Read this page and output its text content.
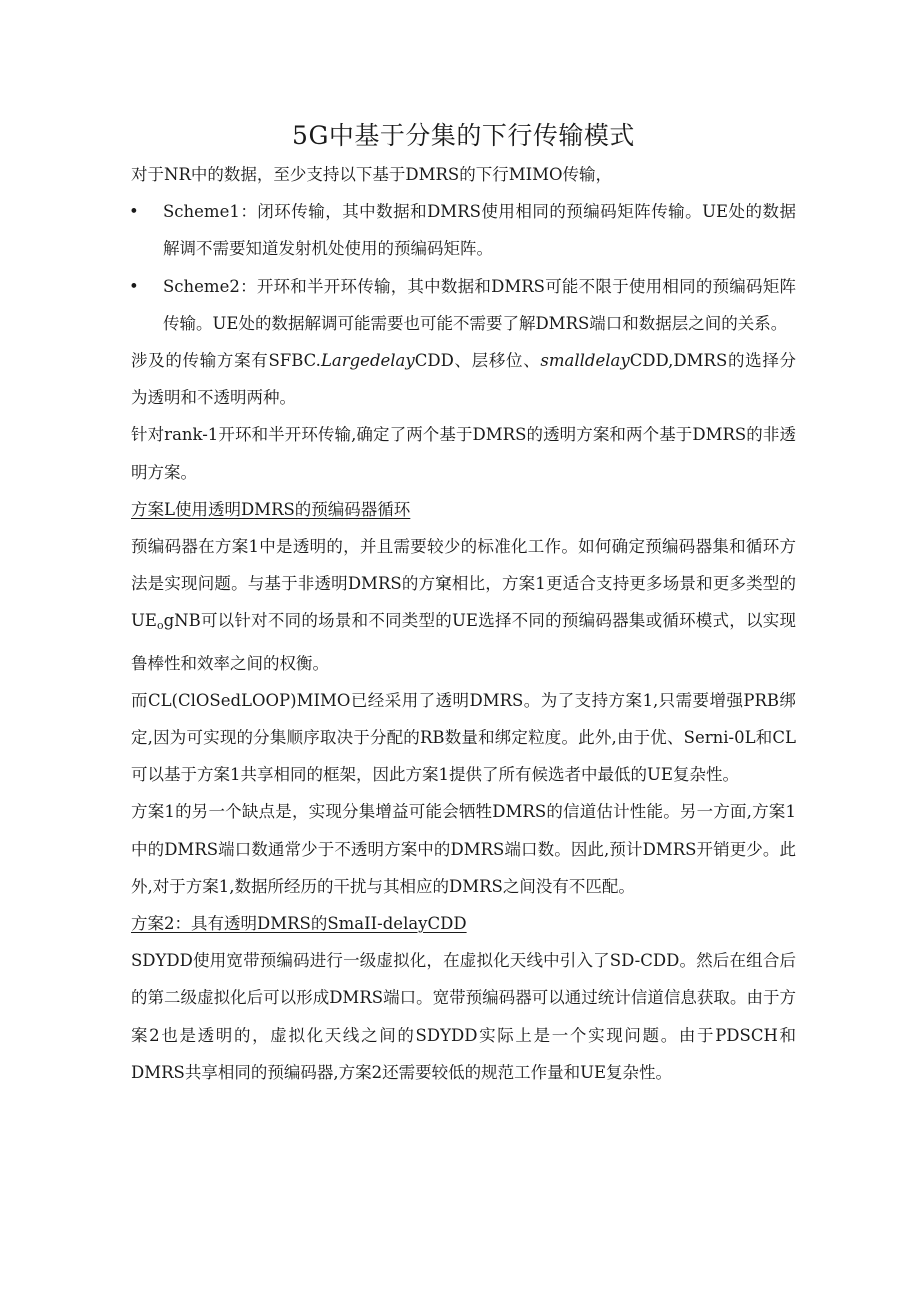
5G中基于分集的下行传输模式

对于NR中的数据，至少支持以下基于DMRS的下行MIMO传输，

•	Scheme1：闭环传输，其中数据和DMRS使用相同的预编码矩阵传输。UE处的数据解调不需要知道发射机处使用的预编码矩阵。
•	Scheme2：开环和半开环传输，其中数据和DMRS可能不限于使用相同的预编码矩阵传输。UE处的数据解调可能需要也可能不需要了解DMRS端口和数据层之间的关系。

涉及的传输方案有SFBC.LargedelayCDD、层移位、smalldelayCDD,DMRS的选择分为透明和不透明两种。

针对rank-1开环和半开环传输,确定了两个基于DMRS的透明方案和两个基于DMRS的非透明方案。

方案L使用透明DMRS的预编码器循环

预编码器在方案1中是透明的，并且需要较少的标准化工作。如何确定预编码器集和循环方法是实现问题。与基于非透明DMRS的方窠相比，方案1更适合支持更多场景和更多类型的$UE_ogNB$可以针对不同的场景和不同类型的UE选择不同的预编码器集或循环模式，以实现鲁棒性和效率之间的权衡。

而CL(ClOSedLOOP)MIMO已经采用了透明DMRS。为了支持方案1,只需要增强PRB绑定,因为可实现的分集顺序取决于分配的RB数量和绑定粒度。此外,由于优、Serni-0L和CL可以基于方案1共享相同的框架，因此方案1提供了所有候选者中最低的UE复杂性。

方案1的另一个缺点是，实现分集增益可能会牺牲DMRS的信道估计性能。另一方面,方案1中的DMRS端口数通常少于不透明方案中的DMRS端口数。因此,预计DMRS开销更少。此外,对于方案1,数据所经历的干扰与其相应的DMRS之间没有不匹配。

方案2：具有透明DMRS的SmaII-delayCDD

SDYDD使用宽带预编码进行一级虚拟化，在虚拟化天线中引入了SD-CDD。然后在组合后的第二级虚拟化后可以形成DMRS端口。宽带预编码器可以通过统计信道信息获取。由于方案2也是透明的，虚拟化天线之间的SDYDD实际上是一个实现问题。由于PDSCH和DMRS共享相同的预编码器,方案2还需要较低的规范工作量和UE复杂性。
